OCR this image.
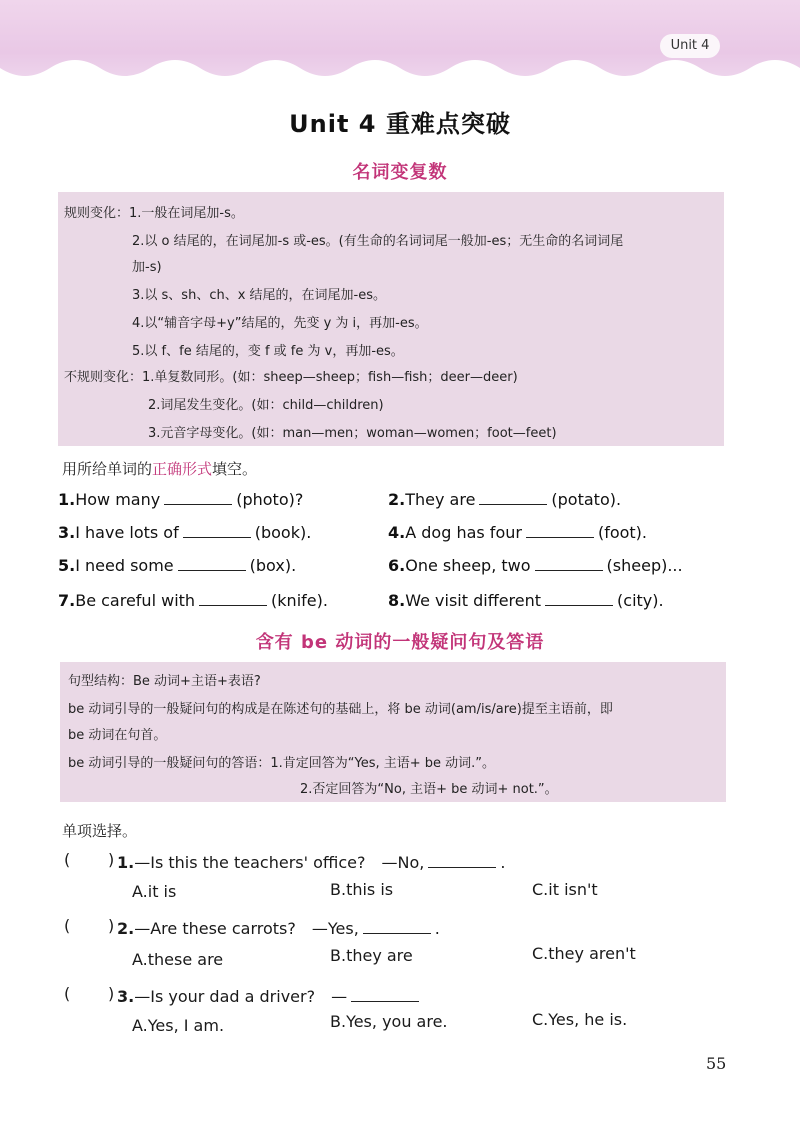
Unit 4
Unit 4 重难点突破
名词变复数
规则变化：1.一般在词尾加-s。
2.以 o 结尾的，在词尾加-s 或-es。(有生命的名词词尾一般加-es；无生命的名词词尾
加-s)
3.以 s、sh、ch、x 结尾的，在词尾加-es。
4.以“辅音字母+y”结尾的，先变 y 为 i，再加-es。
5.以 f、fe 结尾的，变 f 或 fe 为 v，再加-es。
不规则变化：1.单复数同形。(如：sheep—sheep；fish—fish；deer—deer)
2.词尾发生变化。(如：child—children)
3.元音字母变化。(如：man—men；woman—women；foot—feet)
用所给单词的正确形式填空。
1.How many	(photo)?	2.They are	(potato).
3.I have lots of	(book).	4.A dog has four	(foot).
5.I need some	(box).	6.One sheep, two	(sheep)...
7.Be careful with	(knife).	8.We visit different	(city).
含有 be 动词的一般疑问句及答语
句型结构：Be 动词+主语+表语?
be 动词引导的一般疑问句的构成是在陈述句的基础上，将 be 动词(am/is/are)提至主语前，即
be 动词在句首。
be 动词引导的一般疑问句的答语：1.肯定回答为“Yes, 主语+ be 动词.”。
2.否定回答为“No, 主语+ be 动词+ not.”。
单项选择。
( ) 1.—Is this the teachers' office?　—No,	.
A.it is	B.this is	C.it isn't
( ) 2.—Are these carrots?　—Yes,	.
A.these are	B.they are	C.they aren't
( ) 3.—Is your dad a driver?　—
A.Yes, I am.	B.Yes, you are.	C.Yes, he is.
55
